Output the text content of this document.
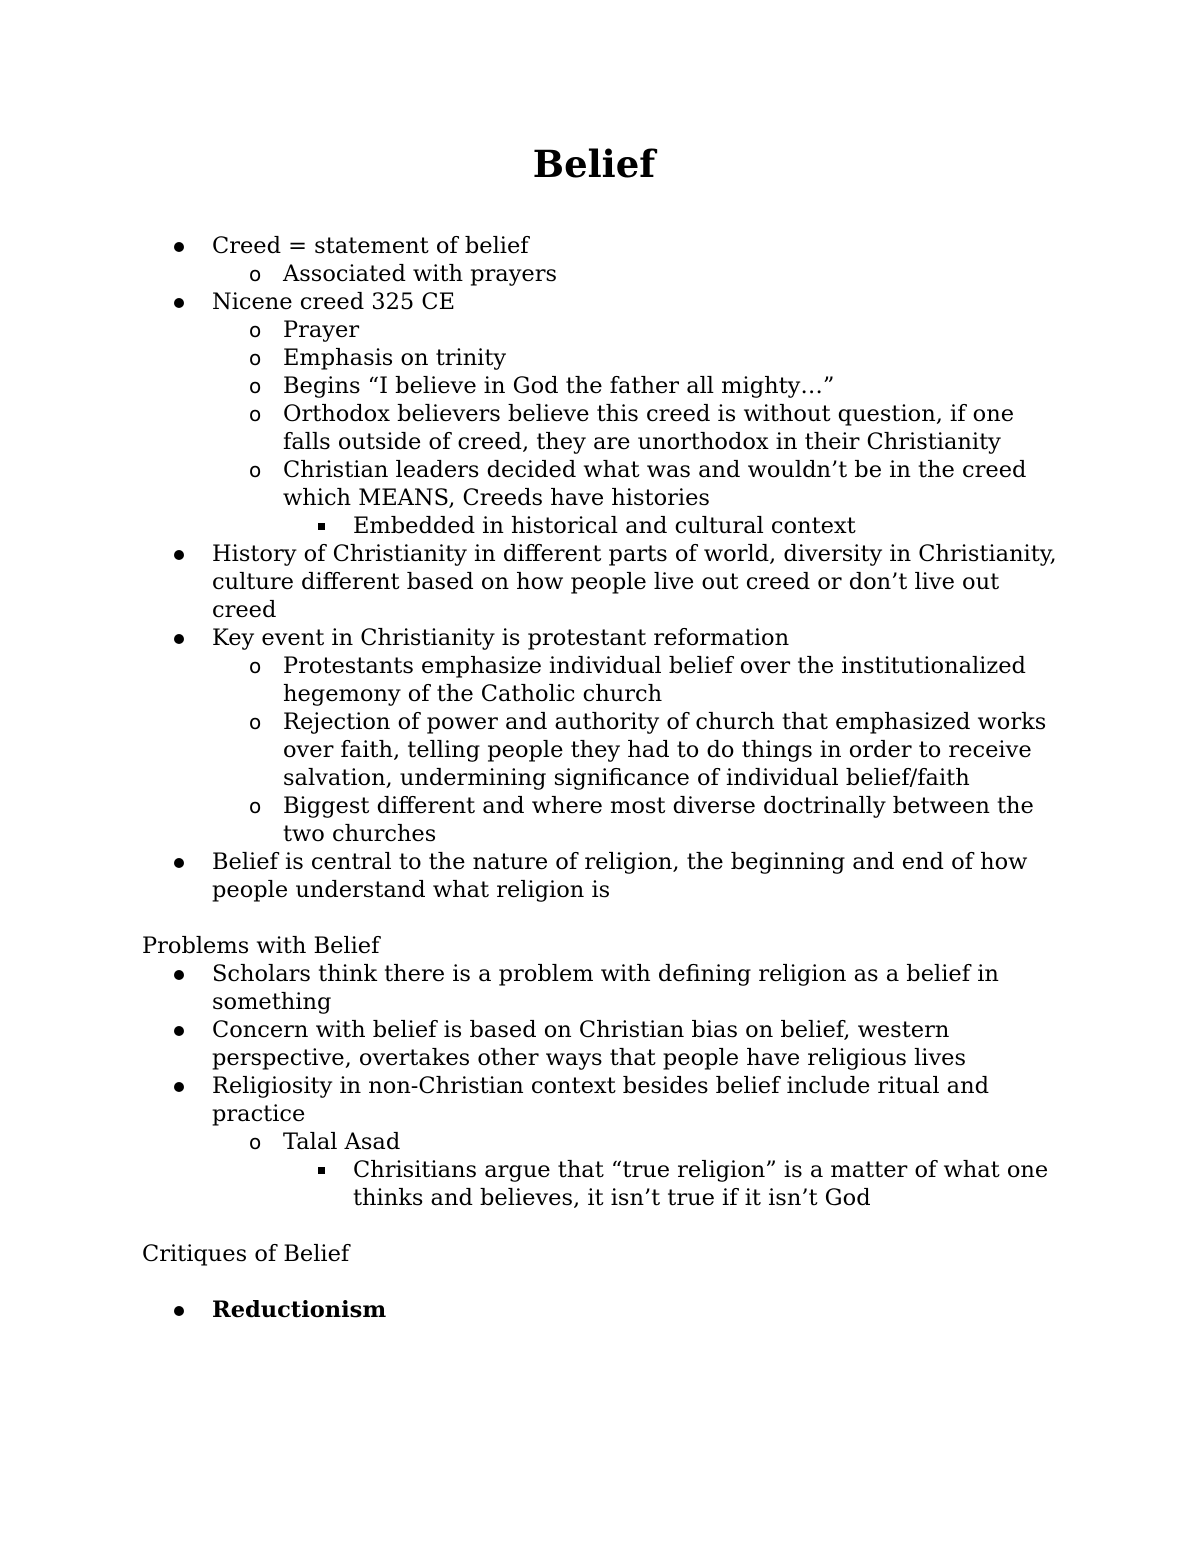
Belief
Creed = statement of belief
o Associated with prayers
Nicene creed 325 CE
o Prayer
o Emphasis on trinity
o Begins “I believe in God the father all mighty…”
o Orthodox believers believe this creed is without question, if one falls outside of creed, they are unorthodox in their Christianity
o Christian leaders decided what was and wouldn’t be in the creed which MEANS, Creeds have histories
Embedded in historical and cultural context
History of Christianity in different parts of world, diversity in Christianity, culture different based on how people live out creed or don’t live out creed
Key event in Christianity is protestant reformation
o Protestants emphasize individual belief over the institutionalized hegemony of the Catholic church
o Rejection of power and authority of church that emphasized works over faith, telling people they had to do things in order to receive salvation, undermining significance of individual belief/faith
o Biggest different and where most diverse doctrinally between the two churches
Belief is central to the nature of religion, the beginning and end of how people understand what religion is

Problems with Belief

Scholars think there is a problem with defining religion as a belief in something
Concern with belief is based on Christian bias on belief, western perspective, overtakes other ways that people have religious lives
Religiosity in non-Christian context besides belief include ritual and practice
o Talal Asad
Chrisitians argue that “true religion” is a matter of what one thinks and believes, it isn’t true if it isn’t God

Critiques of Belief

Reductionism
